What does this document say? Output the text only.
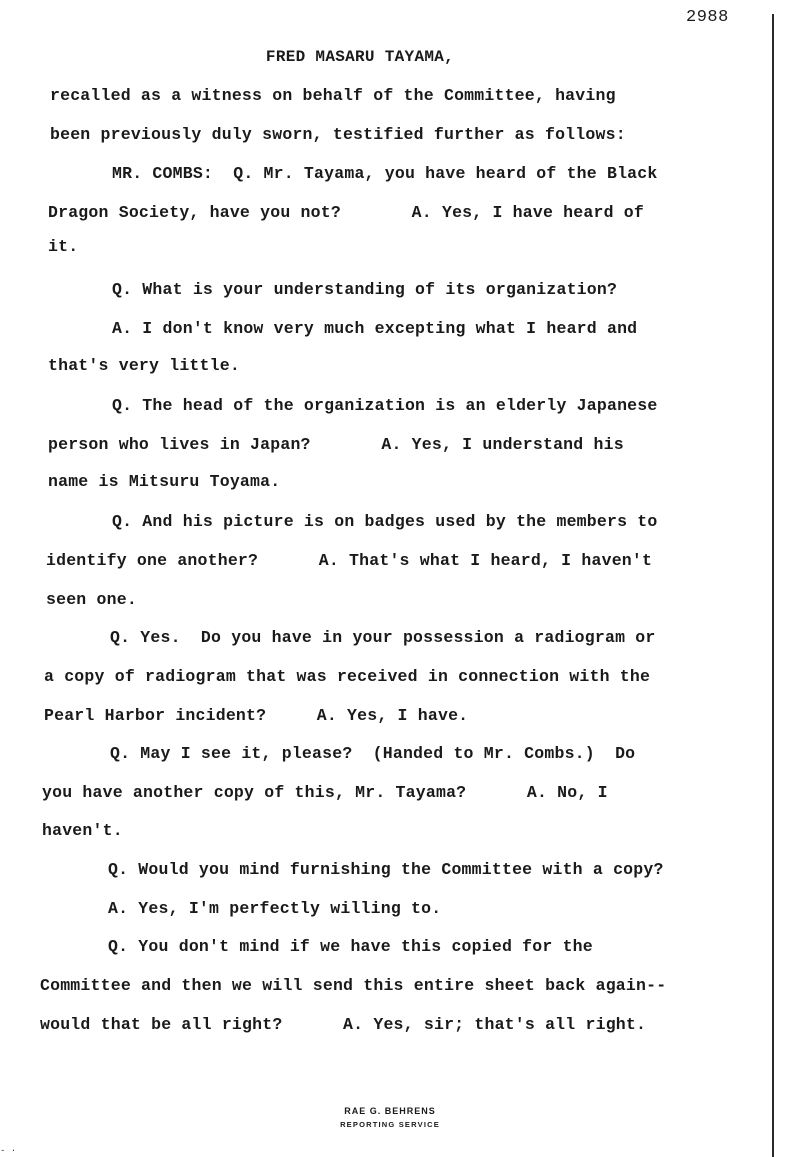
2988
FRED MASARU TAYAMA,
recalled as a witness on behalf of the Committee, having
been previously duly sworn, testified further as follows:
MR. COMBS:  Q. Mr. Tayama, you have heard of the Black
Dragon Society, have you not?       A. Yes, I have heard of
it.
Q. What is your understanding of its organization?
A. I don't know very much excepting what I heard and
that's very little.
Q. The head of the organization is an elderly Japanese
person who lives in Japan?       A. Yes, I understand his
name is Mitsuru Toyama.
Q. And his picture is on badges used by the members to
identify one another?      A. That's what I heard, I haven't
seen one.
Q. Yes.  Do you have in your possession a radiogram or
a copy of radiogram that was received in connection with the
Pearl Harbor incident?     A. Yes, I have.
Q. May I see it, please?  (Handed to Mr. Combs.)  Do
you have another copy of this, Mr. Tayama?      A. No, I
haven't.
Q. Would you mind furnishing the Committee with a copy?
A. Yes, I'm perfectly willing to.
Q. You don't mind if we have this copied for the
Committee and then we will send this entire sheet back again--
would that be all right?      A. Yes, sir; that's all right.
RAE G. BEHRENS
REPORTING SERVICE
- ·
